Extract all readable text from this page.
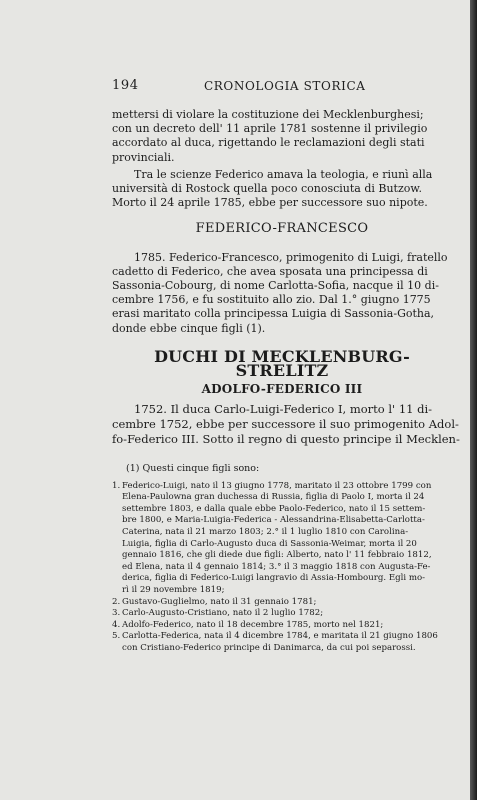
194	CRONOLOGIA STORICA

mettersi di violare la costituzione dei Mecklenburghesi;
con un decreto dell' 11 aprile 1781 sostenne il privilegio
accordato al duca, rigettando le reclamazioni degli stati
provinciali.

Tra le scienze Federico amava la teologia, e riunì alla
università di Rostock quella poco conosciuta di Butzow.
Morto il 24 aprile 1785, ebbe per successore suo nipote.

FEDERICO-FRANCESCO

1785. Federico-Francesco, primogenito di Luigi, fratello
cadetto di Federico, che avea sposata una principessa di
Sassonia-Cobourg, di nome Carlotta-Sofia, nacque il 10 di-
cembre 1756, e fu sostituito allo zio. Dal 1.° giugno 1775
erasi maritato colla principessa Luigia di Sassonia-Gotha,
donde ebbe cinque figli (1).

DUCHI DI MECKLENBURG-STRELITZ
ADOLFO-FEDERICO III

1752. Il duca Carlo-Luigi-Federico I, morto l' 11 di-
cembre 1752, ebbe per successore il suo primogenito Adol-
fo-Federico III. Sotto il regno di questo principe il Mecklen-

(1) Questi cinque figli sono:
1. Federico-Luigi, nato il 13 giugno 1778, maritato il 23 ottobre 1799 con
Elena-Paulowna gran duchessa di Russia, figlia di Paolo I, morta il 24
settembre 1803, e dalla quale ebbe Paolo-Federico, nato il 15 settem-
bre 1800, e Maria-Luigia-Federica - Alessandrina-Elisabetta-Carlotta-
Caterina, nata il 21 marzo 1803; 2.° il 1 luglio 1810 con Carolina-
Luigia, figlia di Carlo-Augusto duca di Sassonia-Weimar, morta il 20
gennaio 1816, che gli diede due figli: Alberto, nato l' 11 febbraio 1812,
ed Elena, nata il 4 gennaio 1814; 3.° il 3 maggio 1818 con Augusta-Fe-
derica, figlia di Federico-Luigi langravio di Assia-Hombourg. Egli mo-
rì il 29 novembre 1819;
2. Gustavo-Guglielmo, nato il 31 gennaio 1781;
3. Carlo-Augusto-Cristiano, nato il 2 luglio 1782;
4. Adolfo-Federico, nato il 18 decembre 1785, morto nel 1821;
5. Carlotta-Federica, nata il 4 dicembre 1784, e maritata il 21 giugno 1806
con Cristiano-Federico principe di Danimarca, da cui poi separossi.
